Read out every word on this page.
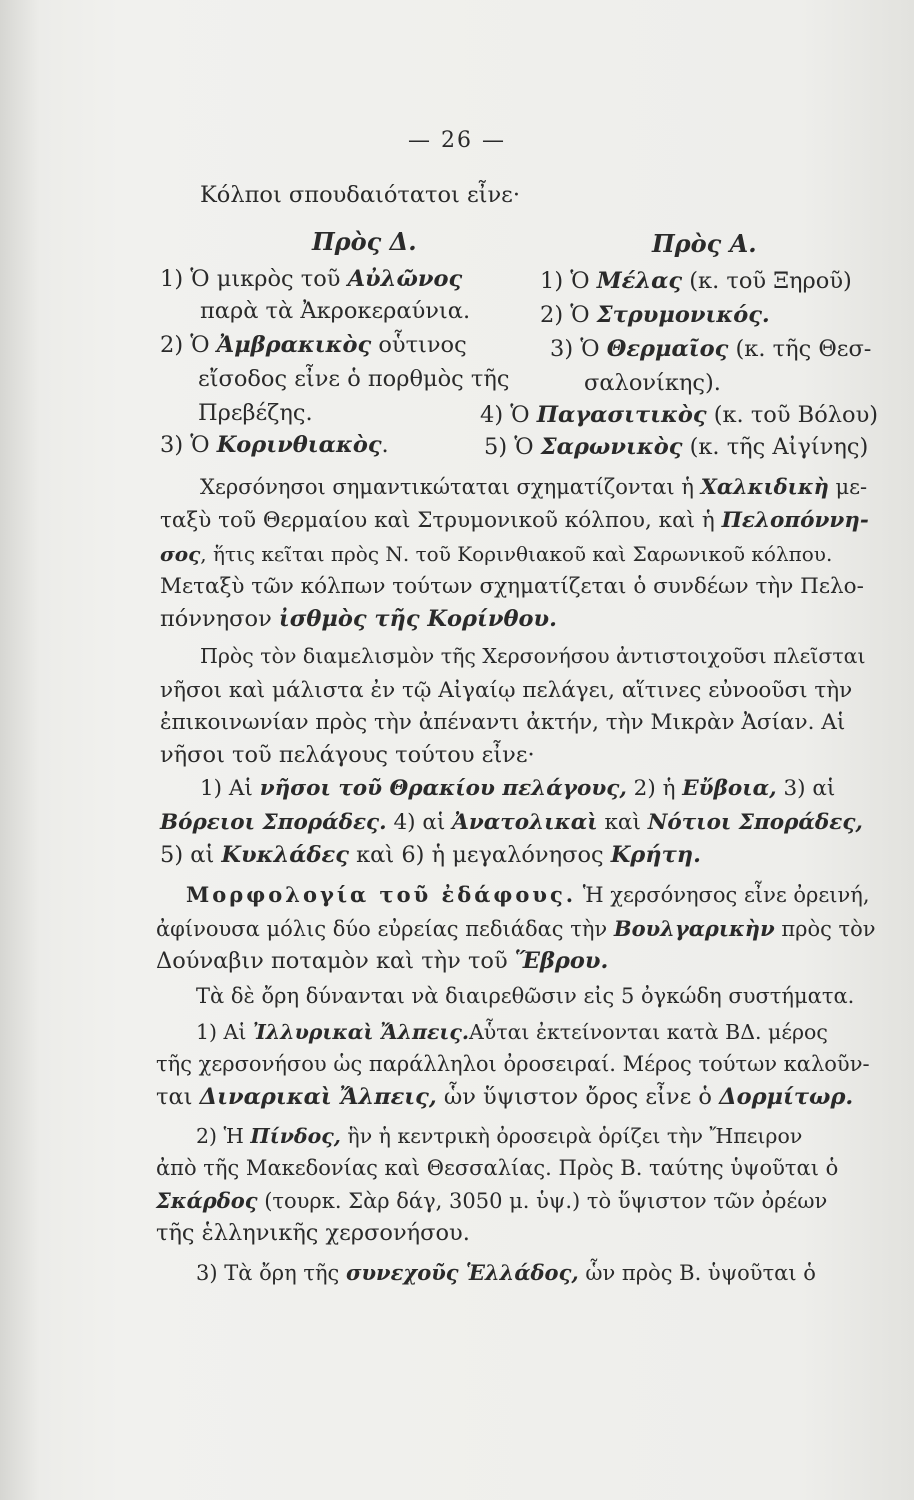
— 26 —
Κόλποι σπουδαιότατοι εἶνε·
Πρὸς Δ.
1) Ὁ μικρὸς τοῦ Αὐλῶνος
παρὰ τὰ Ἀκροκεραύνια.
2) Ὁ Ἀμβρακικὸς οὗτινος
εἴσοδος εἶνε ὁ πορθμὸς τῆς
Πρεβέζης.
3) Ὁ Κορινθιακὸς.
Πρὸς Α.
1) Ὁ Μέλας (κ. τοῦ Ξηροῦ)
2) Ὁ Στρυμονικός.
3) Ὁ Θερμαῖος (κ. τῆς Θεσ-
σαλονίκης).
4) Ὁ Παγασιτικὸς (κ. τοῦ Βόλου)
5) Ὁ Σαρωνικὸς (κ. τῆς Αἰγίνης)
Χερσόνησοι σημαντικώταται σχηματίζονται ἡ Χαλκιδικὴ με-
ταξὺ τοῦ Θερμαίου καὶ Στρυμονικοῦ κόλπου, καὶ ἡ Πελοπόννη-
σος, ἥτις κεῖται πρὸς Ν. τοῦ Κορινθιακοῦ καὶ Σαρωνικοῦ κόλπου.
Μεταξὺ τῶν κόλπων τούτων σχηματίζεται ὁ συνδέων τὴν Πελο-
πόννησον ἰσθμὸς τῆς Κορίνθου.
Πρὸς τὸν διαμελισμὸν τῆς Χερσονήσου ἀντιστοιχοῦσι πλεῖσται
νῆσοι καὶ μάλιστα ἐν τῷ Αἰγαίῳ πελάγει, αἵτινες εὐνοοῦσι τὴν
ἐπικοινωνίαν πρὸς τὴν ἀπέναντι ἀκτήν, τὴν Μικρὰν Ἀσίαν. Αἱ
νῆσοι τοῦ πελάγους τούτου εἶνε·
1) Αἱ νῆσοι τοῦ Θρακίου πελάγους, 2) ἡ Εὔβοια, 3) αἱ
Βόρειοι Σποράδες. 4) αἱ Ἀνατολικαὶ καὶ Νότιοι Σποράδες,
5) αἱ Κυκλάδες καὶ 6) ἡ μεγαλόνησος Κρήτη.
Μορφολογία τοῦ ἐδάφους. Ἡ χερσόνησος εἶνε ὀρεινή,
ἀφίνουσα μόλις δύο εὐρείας πεδιάδας τὴν Βουλγαρικὴν πρὸς τὸν
Δούναβιν ποταμὸν καὶ τὴν τοῦ Ἕβρου.
Τὰ δὲ ὄρη δύνανται νὰ διαιρεθῶσιν εἰς 5 ὀγκώδη συστήματα.
1) Αἱ Ἰλλυρικαὶ Ἄλπεις.Αὗται ἐκτείνονται κατὰ ΒΔ. μέρος
τῆς χερσονήσου ὡς παράλληλοι ὀροσειραί. Μέρος τούτων καλοῦν-
ται Διναρικαὶ Ἄλπεις, ὧν ὕψιστον ὄρος εἶνε ὁ Δορμίτωρ.
2) Ἡ Πίνδος, ἣν ἡ κεντρικὴ ὀροσειρὰ ὁρίζει τὴν Ἤπειρον
ἀπὸ τῆς Μακεδονίας καὶ Θεσσαλίας. Πρὸς Β. ταύτης ὑψοῦται ὁ
Σκάρδος (τουρκ. Σὰρ δάγ, 3050 μ. ὑψ.) τὸ ὕψιστον τῶν ὀρέων
τῆς ἑλληνικῆς χερσονήσου.
3) Τὰ ὄρη τῆς συνεχοῦς Ἑλλάδος, ὧν πρὸς Β. ὑψοῦται ὁ
